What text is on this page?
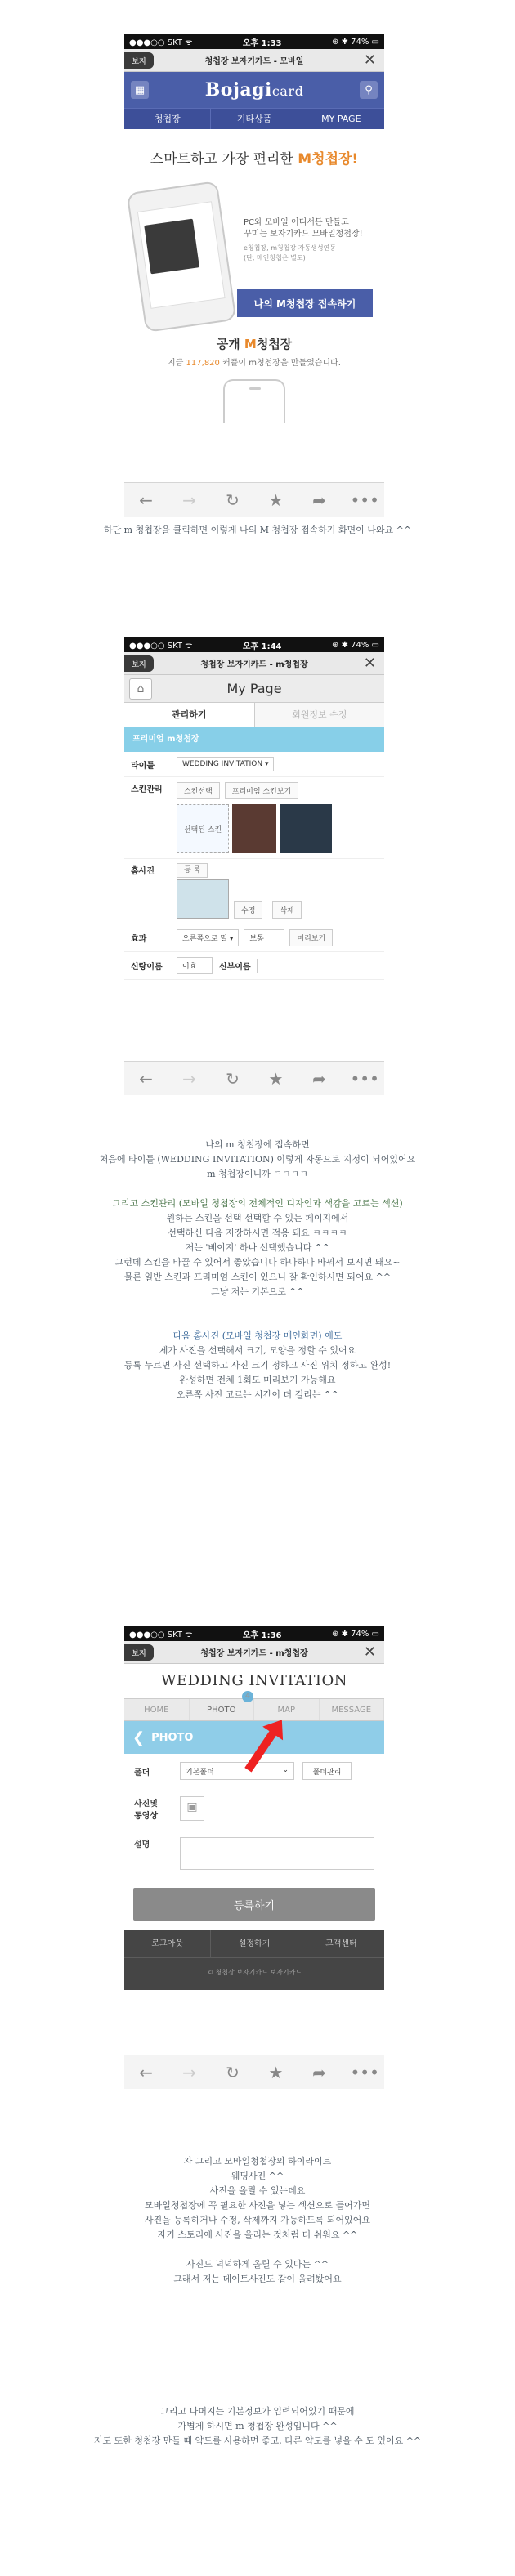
●●●○○ SKT ᯤ	오후 1:33	⊕ ✱ 74% ▭
보지	청첩장 보자기카드 - 모바일	✕
▦	Bojagicard	⚲
청첩장	기타상품	MY PAGE
스마트하고 가장 편리한 M청첩장!
PC와 모바일 어디서든 만들고
꾸미는 보자기카드 모바일청첩장!
e청첩장, m청첩장 자동생성연동
(단, 메인청첩은 별도)
나의 M청첩장 접속하기
공개 M청첩장
지금 117,820 커플이 m청첩장을 만들었습니다.
←	→	↻	★	➦	•••

하단 m 청첩장을 클릭하면 이렇게 나의 M 청첩장 접속하기 화면이 나와요 ^^

●●●○○ SKT ᯤ	오후 1:44	⊕ ✱ 74% ▭
보지	청첩장 보자기카드 - m청첩장	✕
⌂	My Page
관리하기	회원정보 수정
프리미엄 m청첩장
타이틀	WEDDING INVITATION ▾
스킨관리	스킨선택	프리미엄 스킨보기
선택된 스킨
홈사진	등 록
수정	삭제
효과	오른쪽으로 밀 ▾	보통	미리보기
신랑이름	이효	신부이름
←	→	↻	★	➦	•••

나의 m 청첩장에 접속하면

처음에 타이틀 (WEDDING INVITATION) 이렇게 자동으로 지정이 되어있어요

m 청첩장이니까 ㅋㅋㅋㅋ

그리고 스킨관리 (모바일 청첩장의 전체적인 디자인과 색감을 고르는 섹션)

원하는 스킨을 선택 선택할 수 있는 페이지에서

선택하신 다음 저장하시면 적용 돼요 ㅋㅋㅋㅋ

저는 '베이지' 하나 선택했습니다 ^^

그런데 스킨을 바꿀 수 있어서 좋았습니다 하나하나 바꿔서 보시면 돼요~

물론 일반 스킨과 프리미엄 스킨이 있으니 잘 확인하시면 되어요 ^^

그냥 저는 기본으로 ^^

다음 홈사진 (모바일 청첩장 메인화면) 에도

제가 사진을 선택해서 크기, 모양을 정할 수 있어요

등록 누르면 사진 선택하고 사진 크기 정하고 사진 위치 정하고 완성!

완성하면 전체 1회도 미리보기 가능해요

오른쪽 사진 고르는 시간이 더 걸리는 ^^

●●●○○ SKT ᯤ	오후 1:36	⊕ ✱ 74% ▭
보지	청첩장 보자기카드 - m청첩장	✕
WEDDING INVITATION
HOME	PHOTO	MAP	MESSAGE
4
❮ PHOTO
폴더	기본폴더	⌄	폴더관리
사진및
동영상
▣
설명
등록하기
로그아웃	설정하기	고객센터
© 청첩장 보자기카드 보자기카드
←	→	↻	★	➦	•••

자 그리고 모바일청첩장의 하이라이트

웨딩사진 ^^

사진을 올릴 수 있는데요

모바일청첩장에 꼭 필요한 사진을 넣는 섹션으로 들어가면

사진을 등록하거나 수정, 삭제까지 가능하도록 되어있어요

자기 스토리에 사진을 올리는 것처럼 더 쉬워요 ^^

사진도 넉넉하게 올릴 수 있다는 ^^

그래서 저는 데이트사진도 같이 올려봤어요

그리고 나머지는 기본정보가 입력되어있기 때문에

가볍게 하시면 m 청첩장 완성입니다 ^^

저도 또한 청첩장 만들 때 약도를 사용하면 좋고, 다른 약도를 넣을 수 도 있어요 ^^
